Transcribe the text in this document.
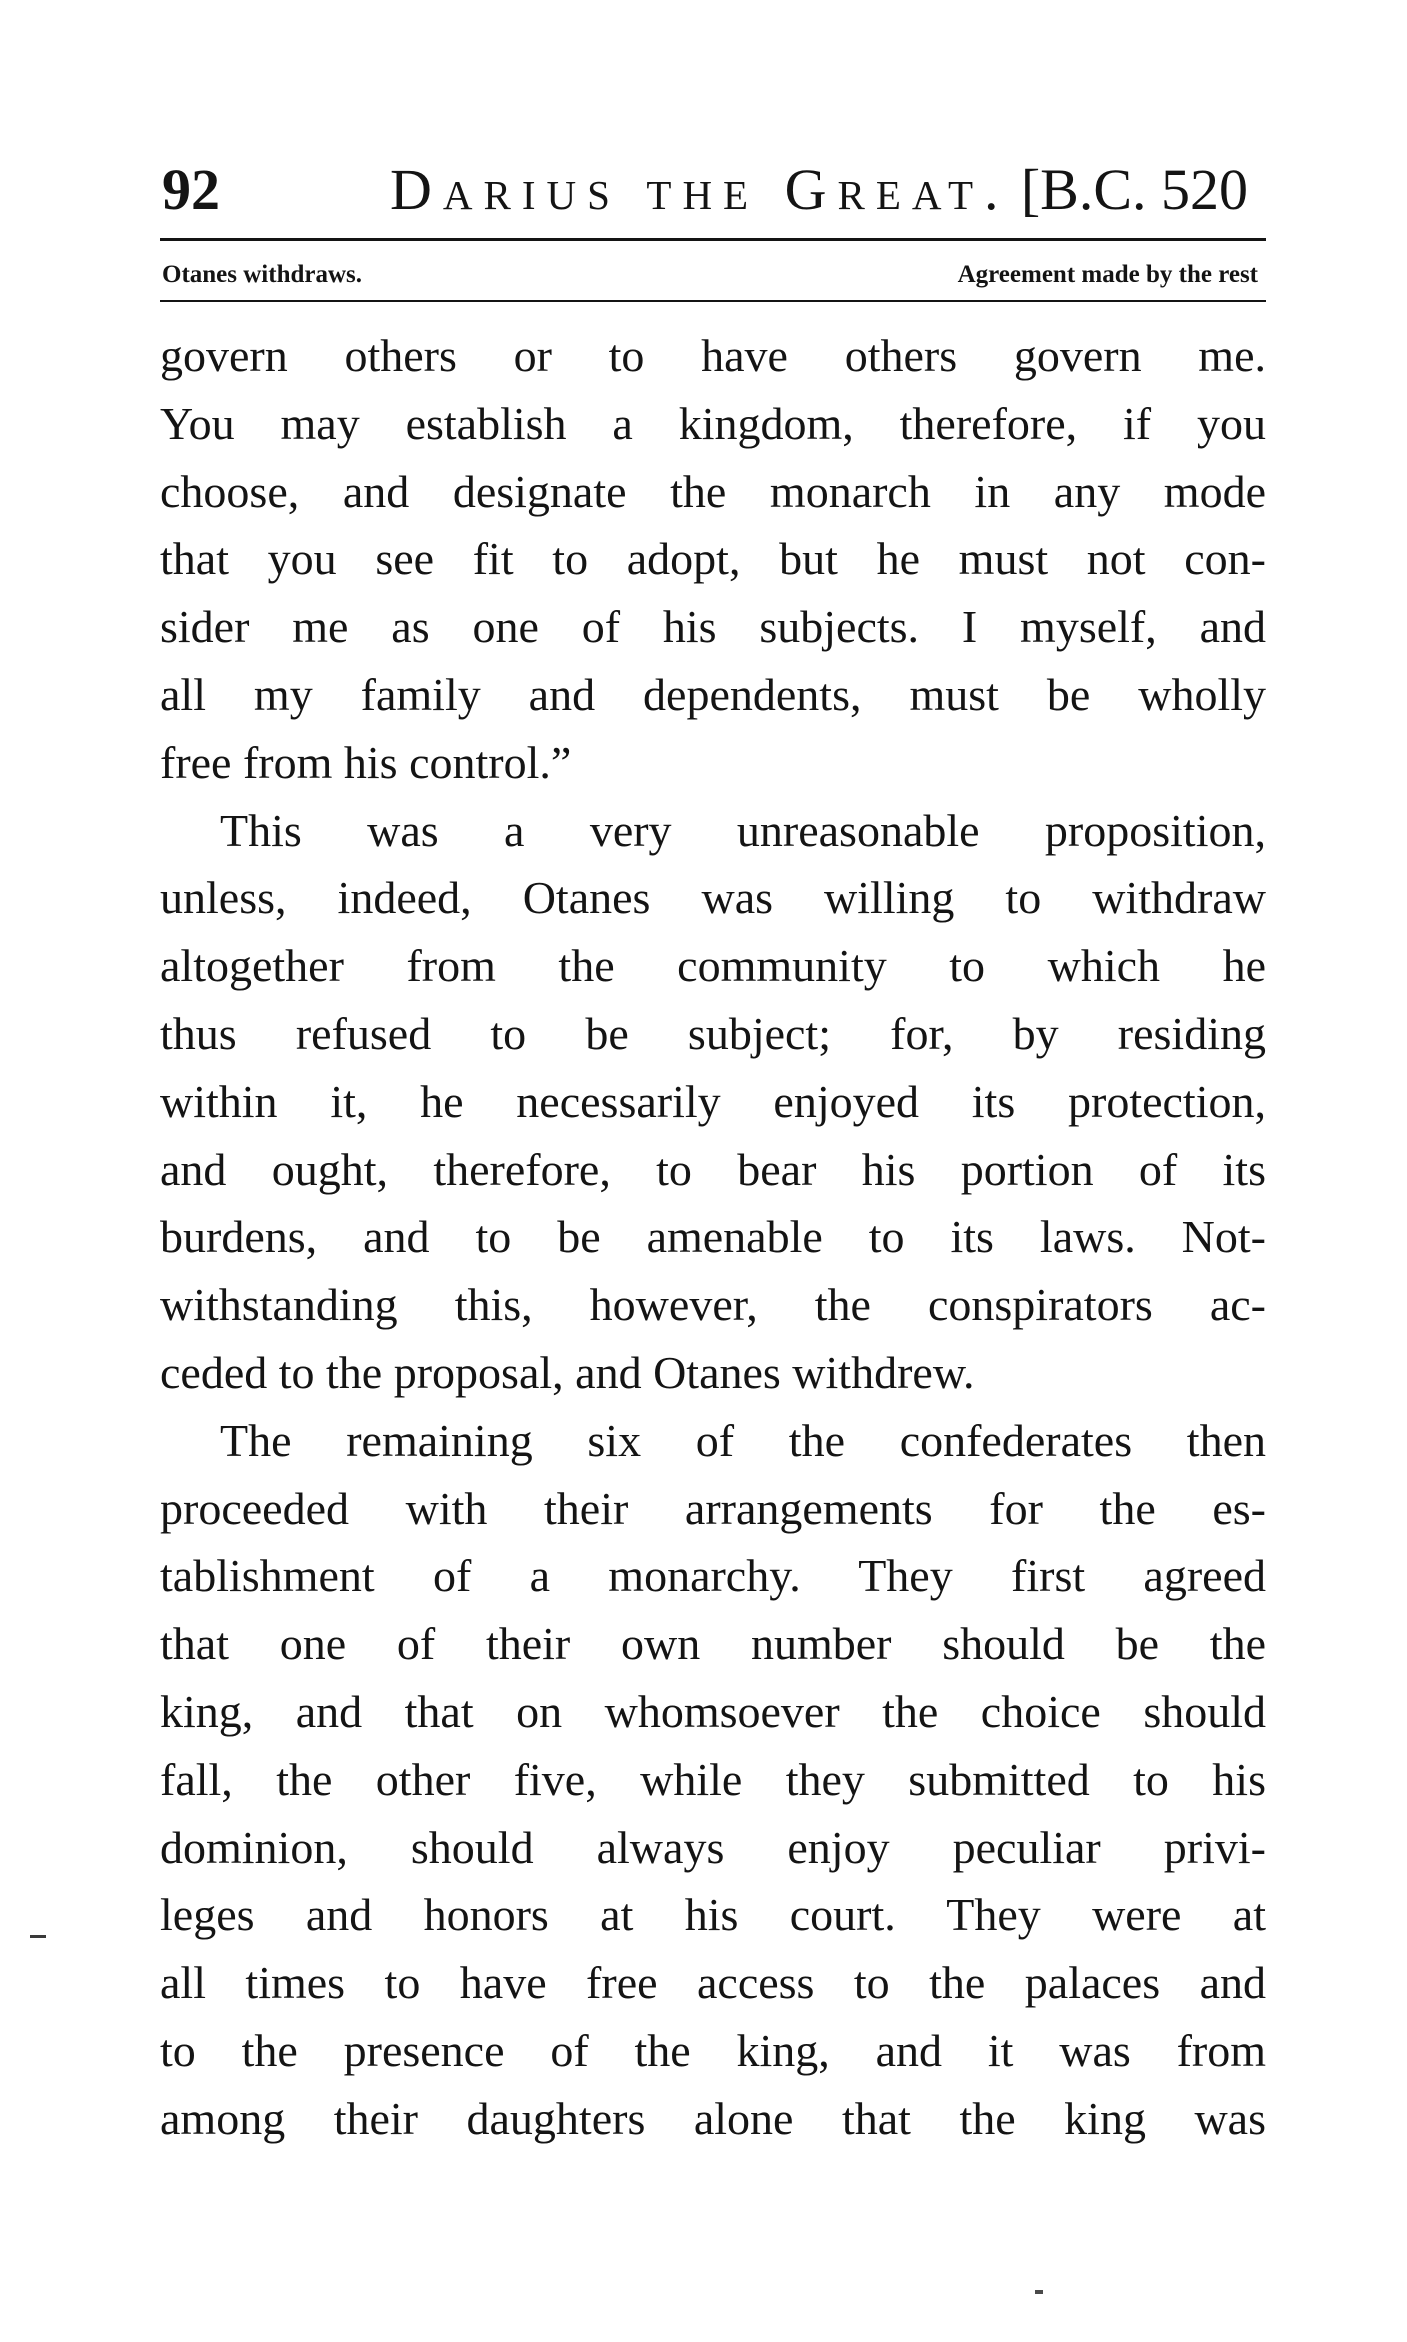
92	Darius the Great. [B.C. 520
Otanes withdraws.	Agreement made by the rest
govern others or to have others govern me.
You may establish a kingdom, therefore, if you
choose, and designate the monarch in any mode
that you see fit to adopt, but he must not con-
sider me as one of his subjects. I myself, and
all my family and dependents, must be wholly
free from his control.”
This was a very unreasonable proposition,
unless, indeed, Otanes was willing to withdraw
altogether from the community to which he
thus refused to be subject; for, by residing
within it, he necessarily enjoyed its protection,
and ought, therefore, to bear his portion of its
burdens, and to be amenable to its laws. Not-
withstanding this, however, the conspirators ac-
ceded to the proposal, and Otanes withdrew.
The remaining six of the confederates then
proceeded with their arrangements for the es-
tablishment of a monarchy. They first agreed
that one of their own number should be the
king, and that on whomsoever the choice should
fall, the other five, while they submitted to his
dominion, should always enjoy peculiar privi-
leges and honors at his court. They were at
all times to have free access to the palaces and
to the presence of the king, and it was from
among their daughters alone that the king was
